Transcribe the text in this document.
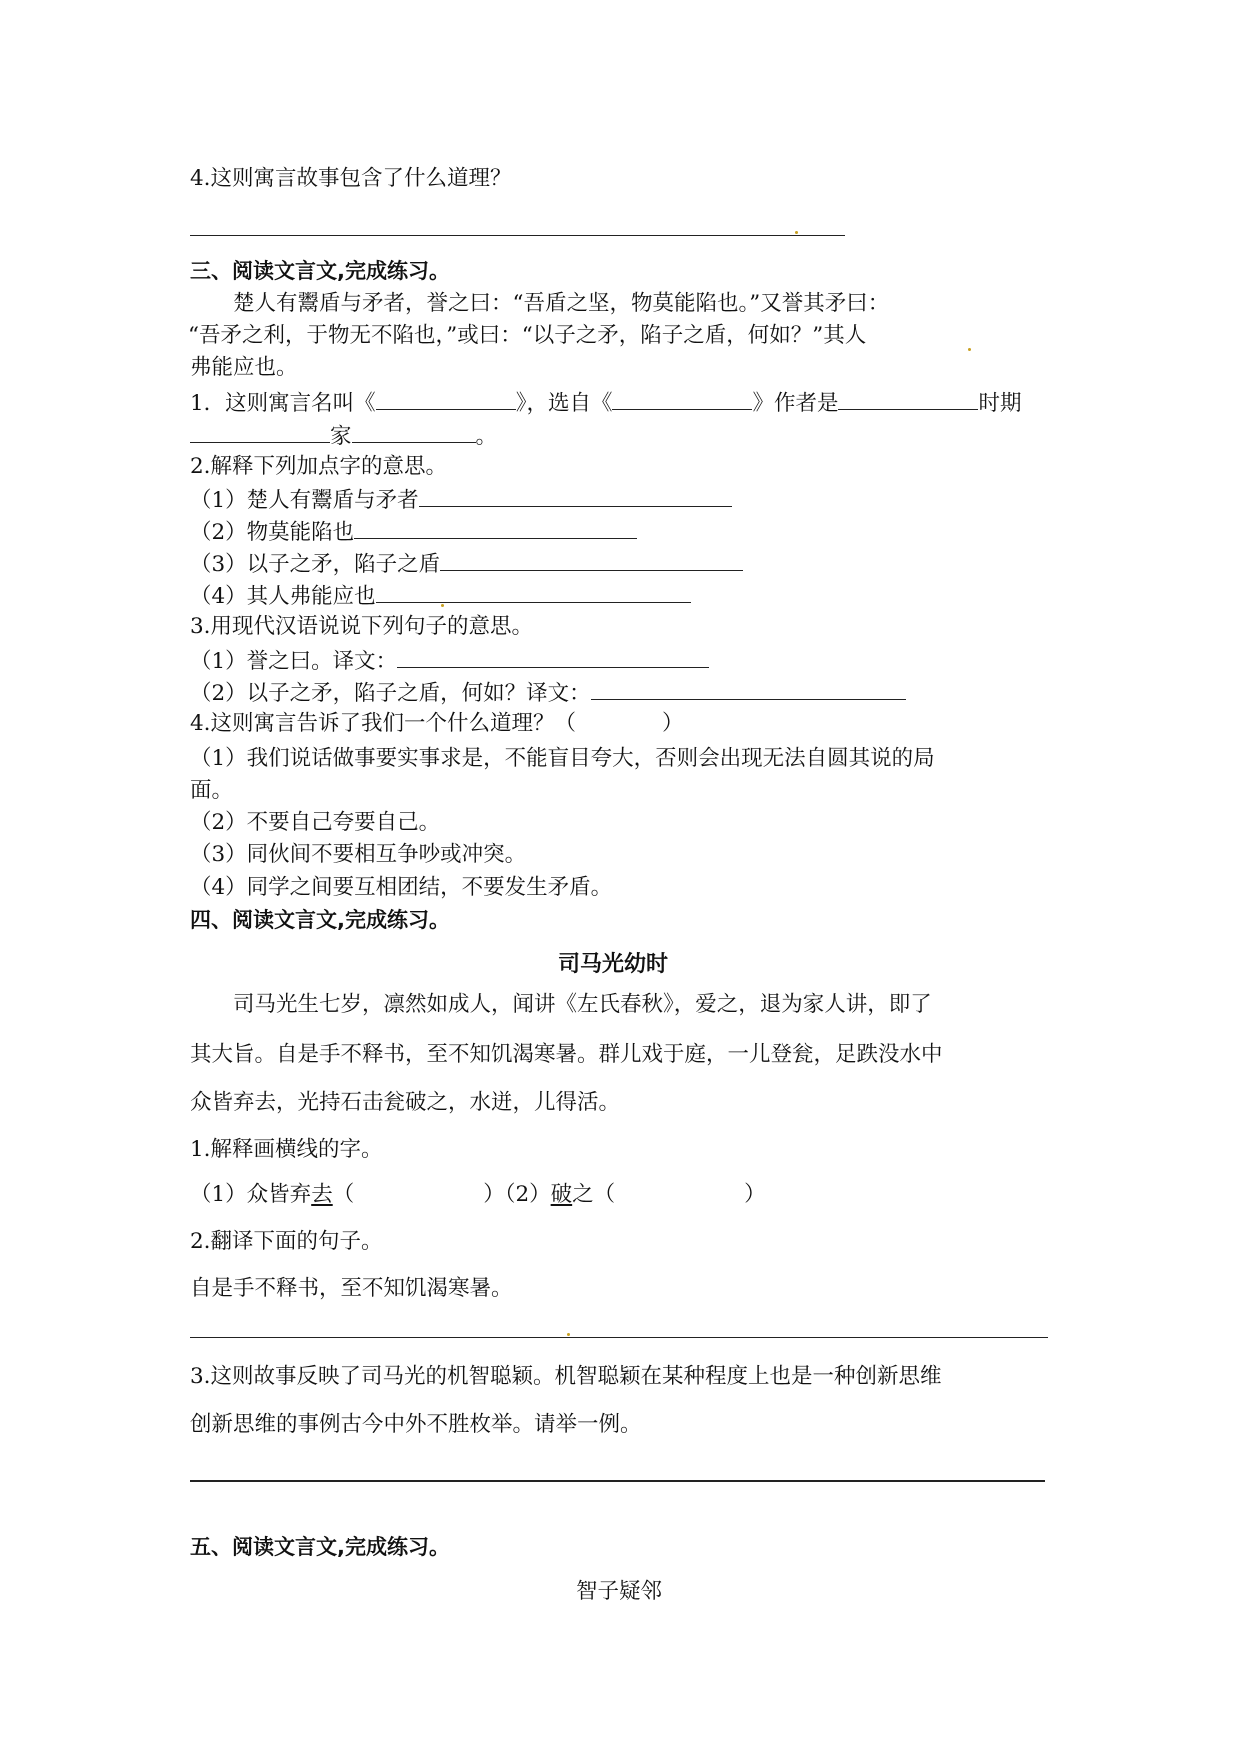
4.这则寓言故事包含了什么道理？
三、阅读文言文,完成练习。
　　楚人有鬻盾与矛者，誉之曰：“吾盾之坚，物莫能陷也。”又誉其矛曰：
“吾矛之利，于物无不陷也，”或曰：“以子之矛，陷子之盾，何如？”其人
弗能应也。
1．这则寓言名叫《	》，选自《	》作者是	时期
家	。
2.解释下列加点字的意思。
（1）楚人有鬻盾与矛者
（2）物莫能陷也
（3）以子之矛，陷子之盾
（4）其人弗能应也
3.用现代汉语说说下列句子的意思。
（1）誉之曰。译文：
（2）以子之矛，陷子之盾，何如？译文：
4.这则寓言告诉了我们一个什么道理？（　　　　）
（1）我们说话做事要实事求是，不能盲目夸大，否则会出现无法自圆其说的局
面。
（2）不要自己夸要自己。
（3）同伙间不要相互争吵或冲突。
（4）同学之间要互相团结，不要发生矛盾。
四、阅读文言文,完成练习。
司马光幼时
　　司马光生七岁，凛然如成人，闻讲《左氏春秋》，爱之，退为家人讲，即了
其大旨。自是手不释书，至不知饥渴寒暑。群儿戏于庭，一儿登瓮，足跌没水中
众皆弃去，光持石击瓮破之，水迸，儿得活。
1.解释画横线的字。
（1）众皆弃去（　　　　　　）（2）破之（　　　　　　）
2.翻译下面的句子。
自是手不释书，至不知饥渴寒暑。
3.这则故事反映了司马光的机智聪颖。机智聪颖在某种程度上也是一种创新思维
创新思维的事例古今中外不胜枚举。请举一例。
五、阅读文言文,完成练习。
智子疑邻
